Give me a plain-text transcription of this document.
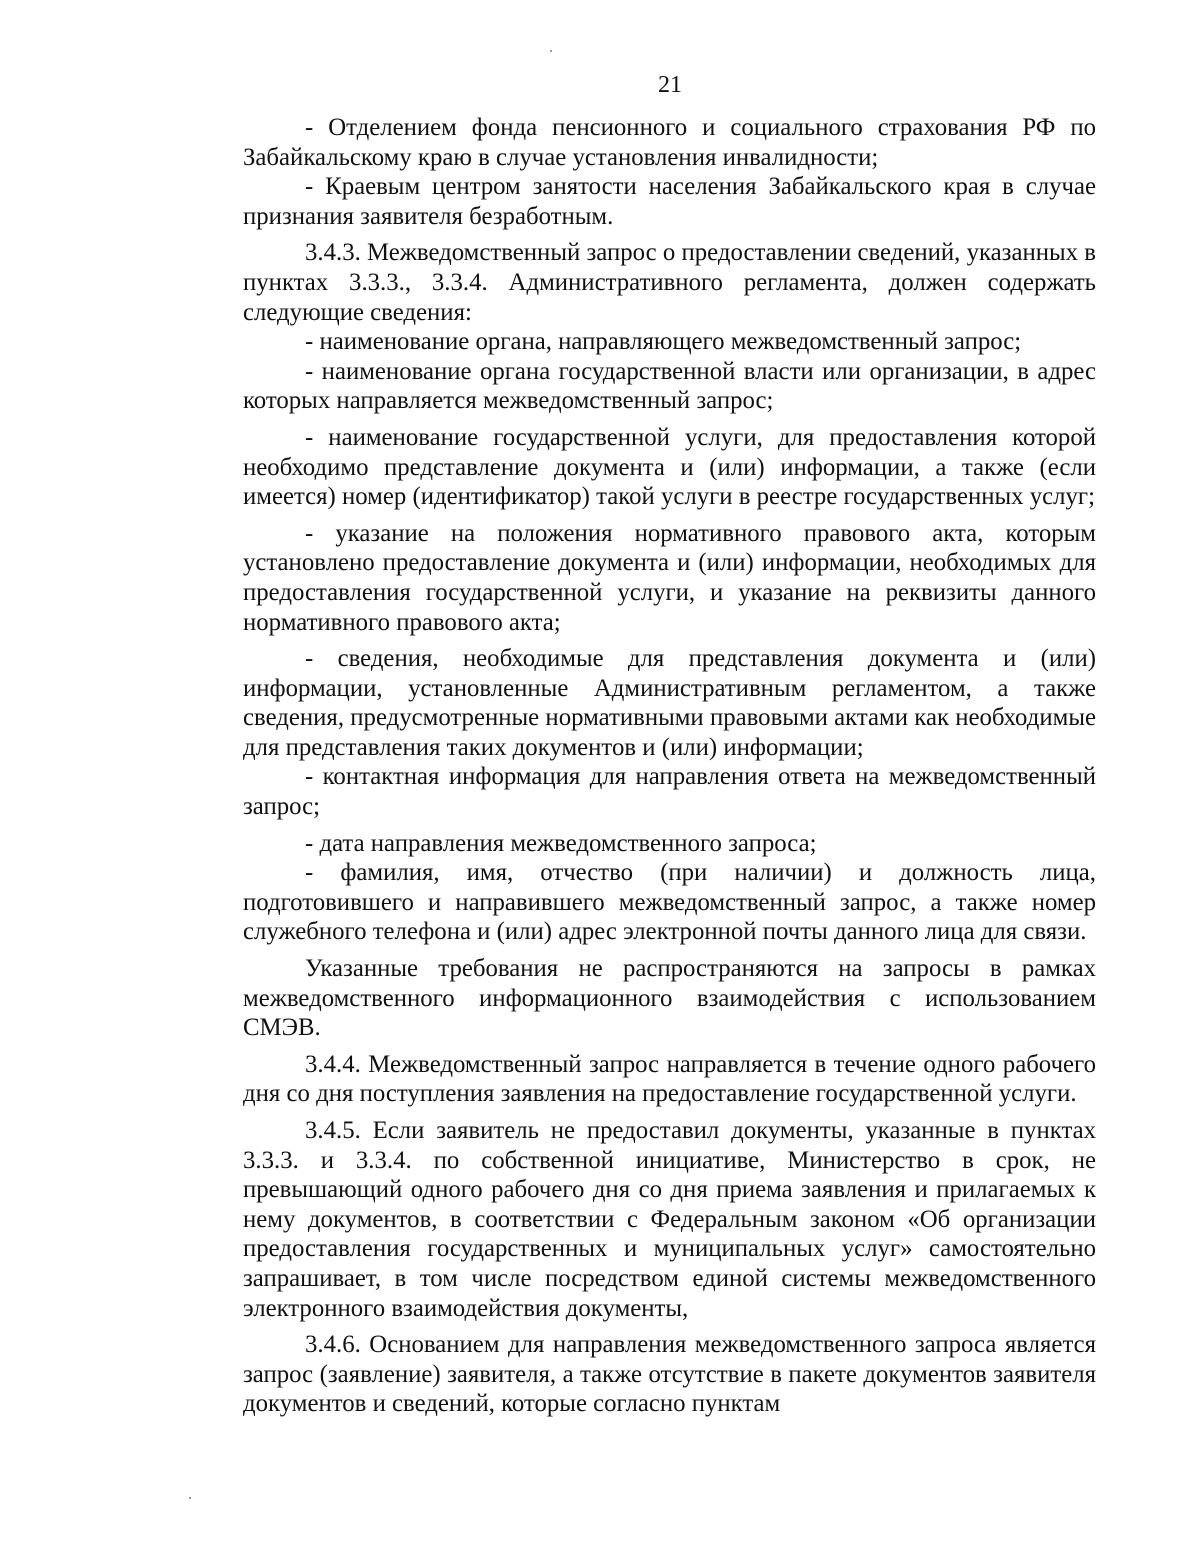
21

- Отделением фонда пенсионного и социального страхования РФ по Забайкальскому краю в случае установления инвалидности;

- Краевым центром занятости населения Забайкальского края в случае признания заявителя безработным.

3.4.3. Межведомственный запрос о предоставлении сведений, указанных в пунктах 3.3.3., 3.3.4. Административного регламента, должен содержать следующие сведения:

- наименование органа, направляющего межведомственный запрос;

- наименование органа государственной власти или организации, в адрес которых направляется межведомственный запрос;

- наименование государственной услуги, для предоставления которой необходимо представление документа и (или) информации, а также (если имеется) номер (идентификатор) такой услуги в реестре государственных услуг;

- указание на положения нормативного правового акта, которым установлено предоставление документа и (или) информации, необходимых для предоставления государственной услуги, и указание на реквизиты данного нормативного правового акта;

- сведения, необходимые для представления документа и (или) информации, установленные Административным регламентом, а также сведения, предусмотренные нормативными правовыми актами как необходимые для представления таких документов и (или) информации;

- контактная информация для направления ответа на межведомственный запрос;

- дата направления межведомственного запроса;

- фамилия, имя, отчество (при наличии) и должность лица, подготовившего и направившего межведомственный запрос, а также номер служебного телефона и (или) адрес электронной почты данного лица для связи.

Указанные требования не распространяются на запросы в рамках межведомственного информационного взаимодействия с использованием СМЭВ.

3.4.4. Межведомственный запрос направляется в течение одного рабочего дня со дня поступления заявления на предоставление государственной услуги.

3.4.5. Если заявитель не предоставил документы, указанные в пунктах 3.3.3. и 3.3.4. по собственной инициативе, Министерство в срок, не превышающий одного рабочего дня со дня приема заявления и прилагаемых к нему документов, в соответствии с Федеральным законом «Об организации предоставления государственных и муниципальных услуг» самостоятельно запрашивает, в том числе посредством единой системы межведомственного электронного взаимодействия документы,

3.4.6. Основанием для направления межведомственного запроса является запрос (заявление) заявителя, а также отсутствие в пакете документов заявителя документов и сведений, которые согласно пунктам
